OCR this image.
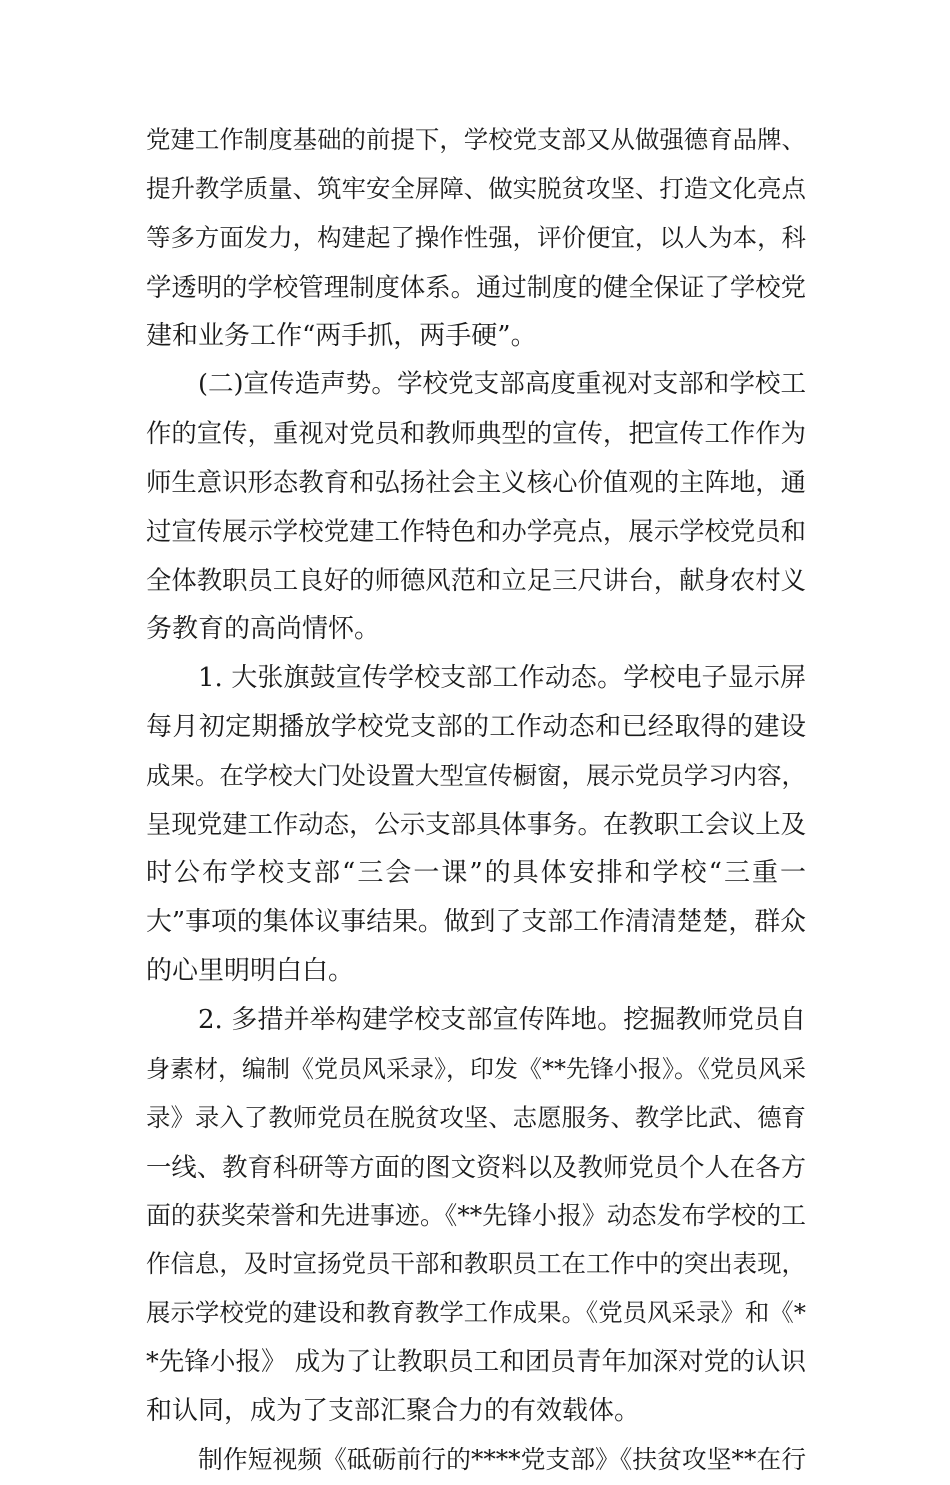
党建工作制度基础的前提下，学校党支部又从做强德育品牌、
提升教学质量、筑牢安全屏障、做实脱贫攻坚、打造文化亮点
等多方面发力，构建起了操作性强，评价便宜，以人为本，科
学透明的学校管理制度体系。通过制度的健全保证了学校党
建和业务工作“两手抓，两手硬”。
(二)宣传造声势。学校党支部高度重视对支部和学校工
作的宣传，重视对党员和教师典型的宣传，把宣传工作作为
师生意识形态教育和弘扬社会主义核心价值观的主阵地，通
过宣传展示学校党建工作特色和办学亮点，展示学校党员和
全体教职员工良好的师德风范和立足三尺讲台，献身农村义
务教育的高尚情怀。
1. 大张旗鼓宣传学校支部工作动态。学校电子显示屏
每月初定期播放学校党支部的工作动态和已经取得的建设
成果。在学校大门处设置大型宣传橱窗，展示党员学习内容，
呈现党建工作动态，公示支部具体事务。在教职工会议上及
时公布学校支部“三会一课”的具体安排和学校“三重一
大”事项的集体议事结果。做到了支部工作清清楚楚，群众
的心里明明白白。
2. 多措并举构建学校支部宣传阵地。挖掘教师党员自
身素材，编制《党员风采录》，印发《**先锋小报》。《党员风采
录》录入了教师党员在脱贫攻坚、志愿服务、教学比武、德育
一线、教育科研等方面的图文资料以及教师党员个人在各方
面的获奖荣誉和先进事迹。《**先锋小报》动态发布学校的工
作信息，及时宣扬党员干部和教职员工在工作中的突出表现，
展示学校党的建设和教育教学工作成果。《党员风采录》和《*
*先锋小报》 成为了让教职员工和团员青年加深对党的认识
和认同，成为了支部汇聚合力的有效载体。
制作短视频《砥砺前行的****党支部》《扶贫攻坚**在行
